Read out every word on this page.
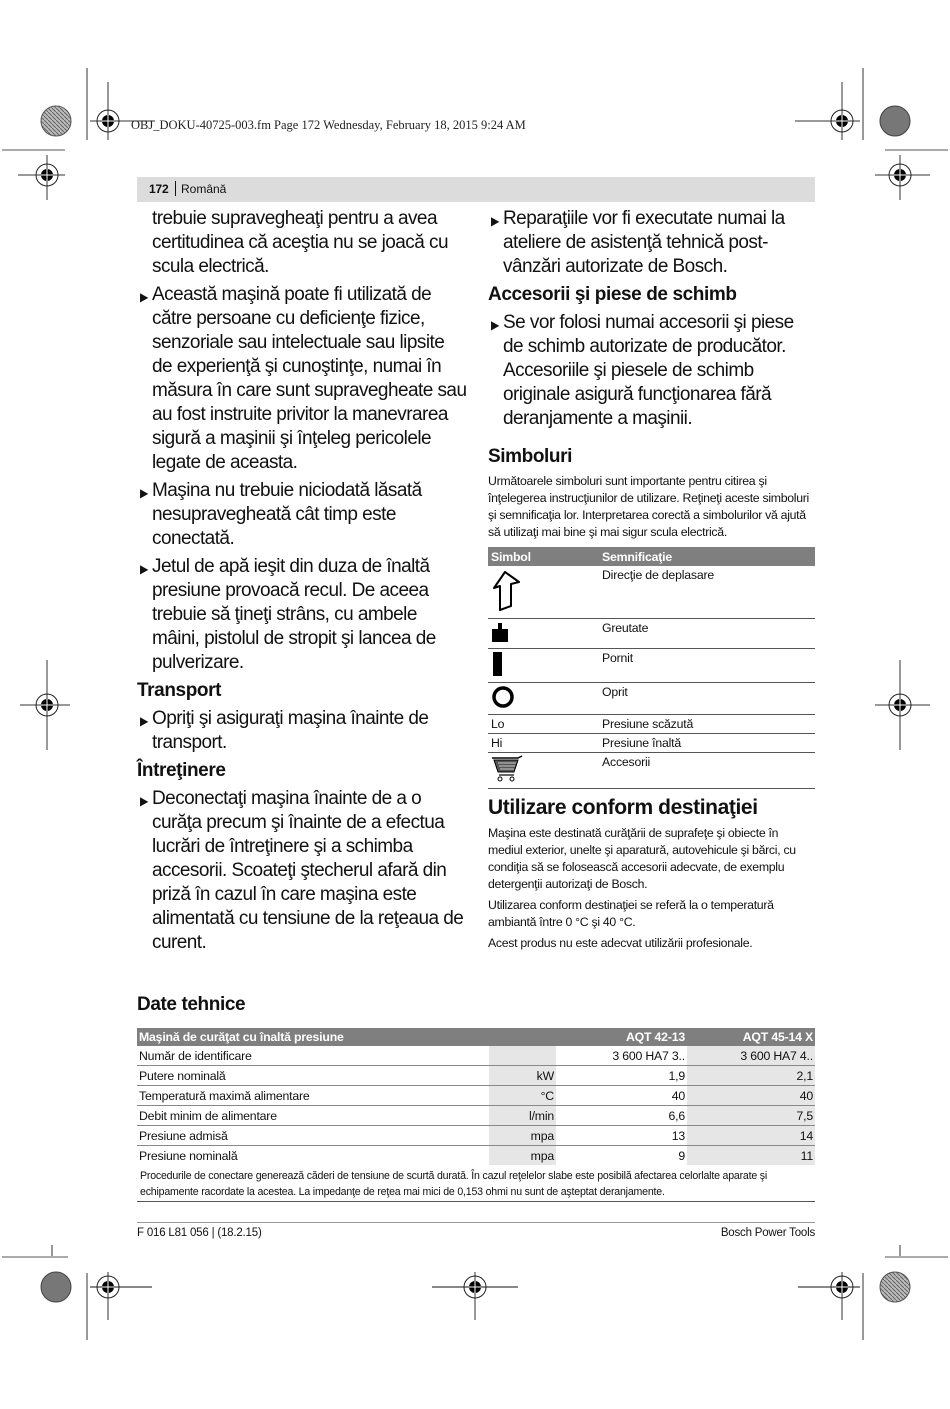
OBJ_DOKU-40725-003.fm Page 172 Wednesday, February 18, 2015 9:24 AM
172 Română
trebuie supravegheaţi pentru a avea certitudinea că aceştia nu se joacă cu scula electrică.
▶ Această maşină poate fi utilizată de către persoane cu deficienţe fizice, senzoriale sau intelectuale sau lipsite de experienţă şi cunoştinţe, numai în măsura în care sunt supravegheate sau au fost instruite privitor la manevrarea sigură a maşinii şi înţeleg pericolele legate de aceasta.
▶ Maşina nu trebuie niciodată lăsată nesupravegheată cât timp este conectată.
▶ Jetul de apă ieşit din duza de înaltă presiune provoacă recul. De aceea trebuie să ţineţi strâns, cu ambele mâini, pistolul de stropit şi lancea de pulverizare.
Transport
▶ Opriţi şi asiguraţi maşina înainte de transport.
Întreţinere
▶ Deconectaţi maşina înainte de a o curăţa precum şi înainte de a efectua lucrări de întreţinere şi a schimba accesorii. Scoateţi ştecherul afară din priză în cazul în care maşina este alimentată cu tensiune de la reţeaua de curent.
▶ Reparaţiile vor fi executate numai la ateliere de asistenţă tehnică post-vânzări autorizate de Bosch.
Accesorii şi piese de schimb
▶ Se vor folosi numai accesorii şi piese de schimb autorizate de producător. Accesoriile şi piesele de schimb originale asigură funcţionarea fără deranjamente a maşinii.
Simboluri
Următoarele simboluri sunt importante pentru citirea şi înţelegerea instrucţiunilor de utilizare. Reţineţi aceste simboluri şi semnificaţia lor. Interpretarea corectă a simbolurilor vă ajută să utilizaţi mai bine şi mai sigur scula electrică.
Simbol	Semnificaţie
	Direcţie de deplasare
	Greutate
	Pornit
	Oprit
Lo	Presiune scăzută
Hi	Presiune înaltă
	Accesorii
Utilizare conform destinaţiei

Maşina este destinată curăţării de suprafeţe şi obiecte în mediul exterior, unelte şi aparatură, autovehicule şi bărci, cu condiţia să se folosească accesorii adecvate, de exemplu detergenţii autorizaţi de Bosch.

Utilizarea conform destinaţiei se referă la o temperatură ambiantă între 0 °C şi 40 °C.

Acest produs nu este adecvat utilizării profesionale.

Date tehnice
Maşină de curăţat cu înaltă presiune		AQT 42-13	AQT 45-14 X
Număr de identificare		3 600 HA7 3..	3 600 HA7 4..
Putere nominală	kW	1,9	2,1
Temperatură maximă alimentare	°C	40	40
Debit minim de alimentare	l/min	6,6	7,5
Presiune admisă	mpa	13	14
Presiune nominală	mpa	9	11
Procedurile de conectare generează căderi de tensiune de scurtă durată. În cazul reţelelor slabe este posibilă afectarea celorlalte aparate şi echipamente racordate la acestea. La impedanţe de reţea mai mici de 0,153 ohmi nu sunt de aşteptat deranjamente.
F 016 L81 056 | (18.2.15)	Bosch Power Tools
